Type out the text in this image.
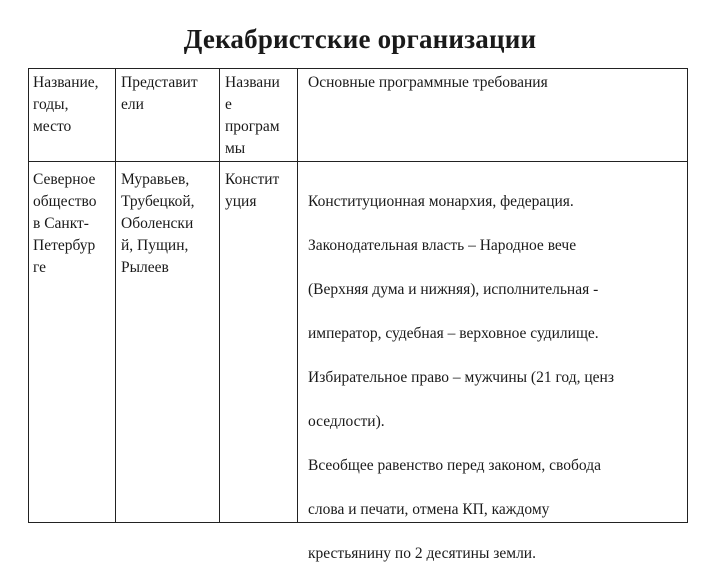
Декабристские организации
Название,
годы,
место
Представит
ели
Названи
е
програм
мы
Основные программные требования
Северное
общество
в Санкт-
Петербур
ге
Муравьев,
Трубецкой,
Оболенски
й, Пущин,
Рылеев
Констит
уция	Конституционная монархия, федерация.

Законодательная власть – Народное вече

(Верхняя дума и нижняя), исполнительная -

император, судебная – верховное судилище.

Избирательное право – мужчины (21 год, ценз

оседлости).

Всеобщее равенство перед законом, свобода

слова и печати, отмена КП, каждому

крестьянину по 2 десятины земли.
